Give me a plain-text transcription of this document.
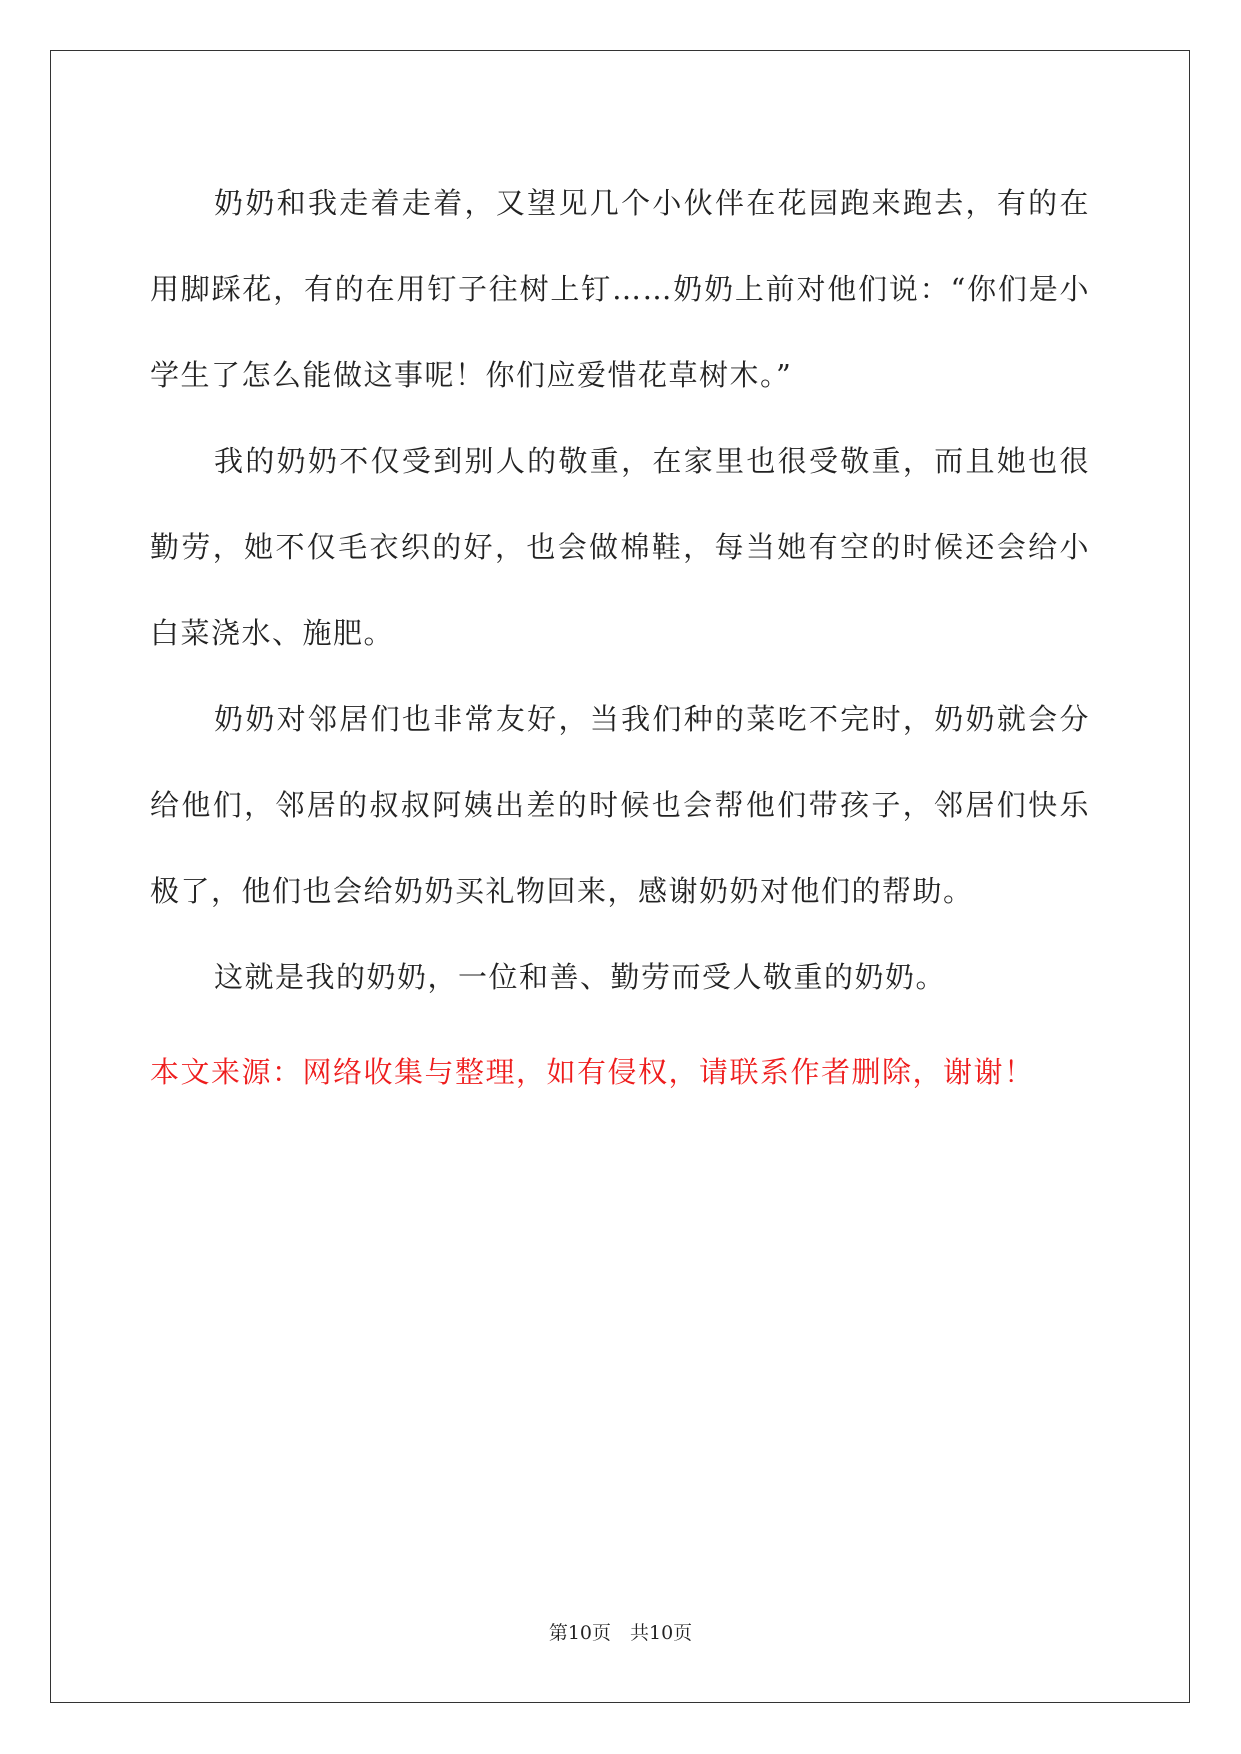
奶奶和我走着走着，又望见几个小伙伴在花园跑来跑去，有的在用脚踩花，有的在用钉子往树上钉……奶奶上前对他们说：“你们是小学生了怎么能做这事呢！你们应爱惜花草树木。”

我的奶奶不仅受到别人的敬重，在家里也很受敬重，而且她也很勤劳，她不仅毛衣织的好，也会做棉鞋，每当她有空的时候还会给小白菜浇水、施肥。

奶奶对邻居们也非常友好，当我们种的菜吃不完时，奶奶就会分给他们，邻居的叔叔阿姨出差的时候也会帮他们带孩子，邻居们快乐极了，他们也会给奶奶买礼物回来，感谢奶奶对他们的帮助。

这就是我的奶奶，一位和善、勤劳而受人敬重的奶奶。

本文来源：网络收集与整理，如有侵权，请联系作者删除，谢谢！

第10页　共10页
